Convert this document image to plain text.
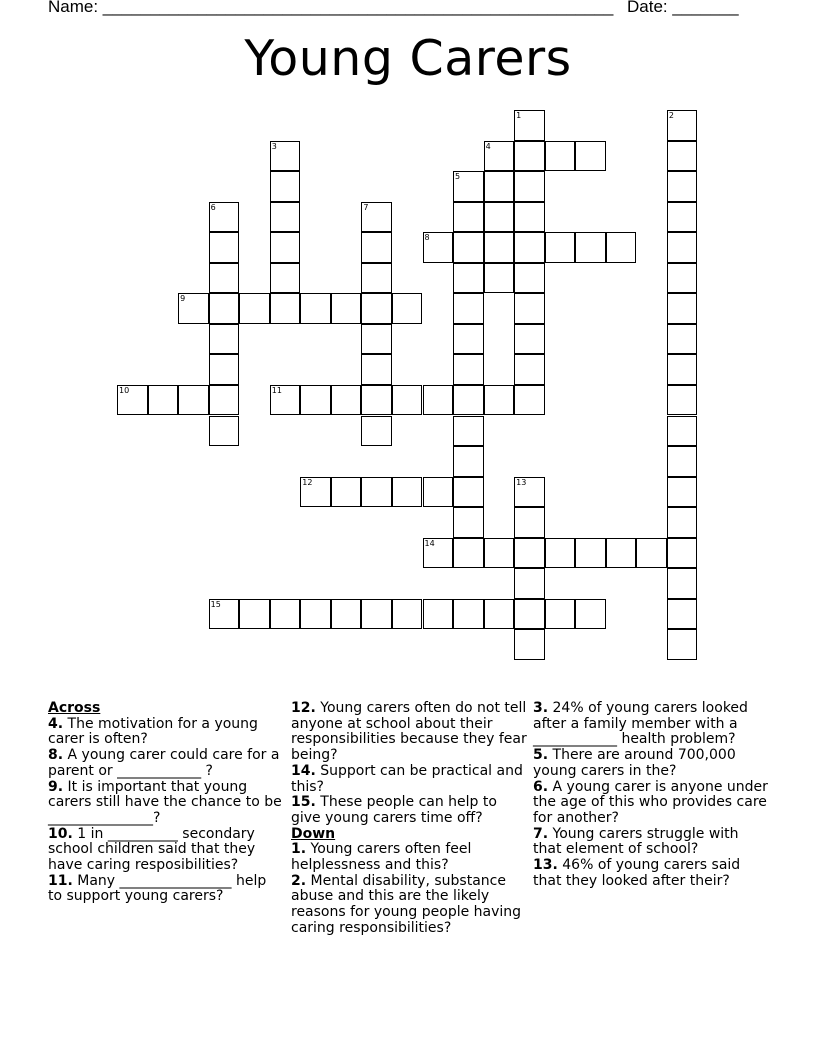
Name: ______________________________________________________ Date: _______
Young Carers
1	2
3	4
5
6	7
8
9
10	11
12	13
14
15
Across
4. The motivation for a young carer is often?
8. A young carer could care for a parent or ____________ ?
9. It is important that young carers still have the chance to be _______________?
10. 1 in __________ secondary school children said that they have caring resposibilities?
11. Many ________________ help to support young carers?
12. Young carers often do not tell anyone at school about their responsibilities because they fear being?
14. Support can be practical and this?
15. These people can help to give young carers time off?
Down
1. Young carers often feel helplessness and this?
2. Mental disability, substance abuse and this are the likely reasons for young people having caring responsibilities?
3. 24% of young carers looked after a family member with a ____________ health problem?
5. There are around 700,000 young carers in the?
6. A young carer is anyone under the age of this who provides care for another?
7. Young carers struggle with that element of school?
13. 46% of young carers said that they looked after their?
